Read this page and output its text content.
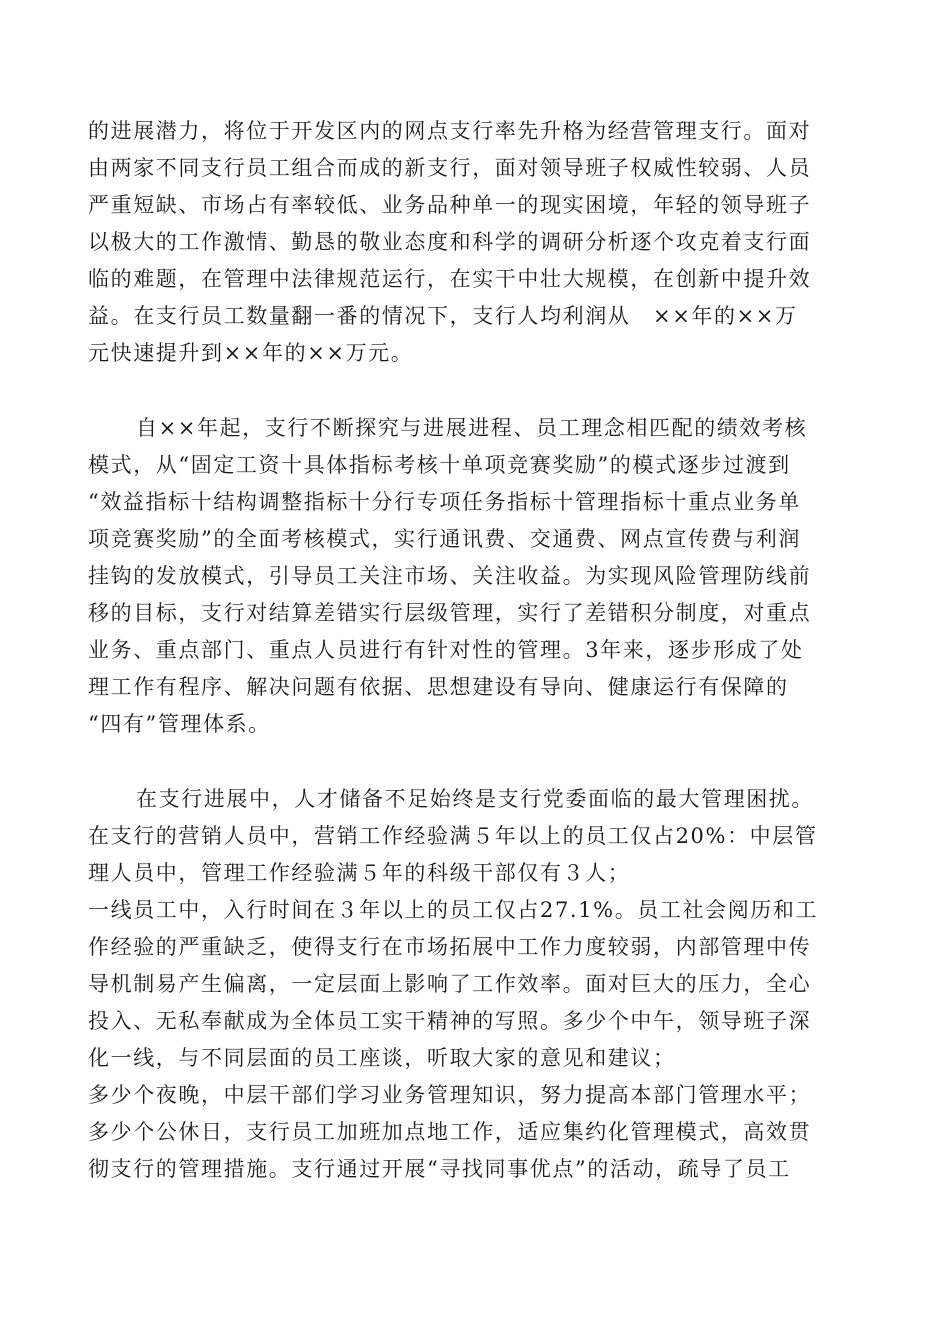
的进展潜力，将位于开发区内的网点支行率先升格为经营管理支行。面对
由两家不同支行员工组合而成的新支行，面对领导班子权威性较弱、人员
严重短缺、市场占有率较低、业务品种单一的现实困境，年轻的领导班子
以极大的工作激情、勤恳的敬业态度和科学的调研分析逐个攻克着支行面
临的难题，在管理中法律规范运行，在实干中壮大规模，在创新中提升效
益。在支行员工数量翻一番的情况下，支行人均利润从　××年的××万
元快速提升到××年的××万元。
自××年起，支行不断探究与进展进程、员工理念相匹配的绩效考核
模式，从“固定工资十具体指标考核十单项竞赛奖励”的模式逐步过渡到
“效益指标十结构调整指标十分行专项任务指标十管理指标十重点业务单
项竞赛奖励”的全面考核模式，实行通讯费、交通费、网点宣传费与利润
挂钩的发放模式，引导员工关注市场、关注收益。为实现风险管理防线前
移的目标，支行对结算差错实行层级管理，实行了差错积分制度，对重点
业务、重点部门、重点人员进行有针对性的管理。3年来，逐步形成了处
理工作有程序、解决问题有依据、思想建设有导向、健康运行有保障的
“四有”管理体系。
在支行进展中，人才储备不足始终是支行党委面临的最大管理困扰。
在支行的营销人员中，营销工作经验满５年以上的员工仅占20%：中层管
理人员中，管理工作经验满５年的科级干部仅有３人；
一线员工中，入行时间在３年以上的员工仅占27.1%。员工社会阅历和工
作经验的严重缺乏，使得支行在市场拓展中工作力度较弱，内部管理中传
导机制易产生偏离，一定层面上影响了工作效率。面对巨大的压力，全心
投入、无私奉献成为全体员工实干精神的写照。多少个中午，领导班子深
化一线，与不同层面的员工座谈，听取大家的意见和建议；
多少个夜晚，中层干部们学习业务管理知识，努力提高本部门管理水平；
多少个公休日，支行员工加班加点地工作，适应集约化管理模式，高效贯
彻支行的管理措施。支行通过开展“寻找同事优点”的活动，疏导了员工
